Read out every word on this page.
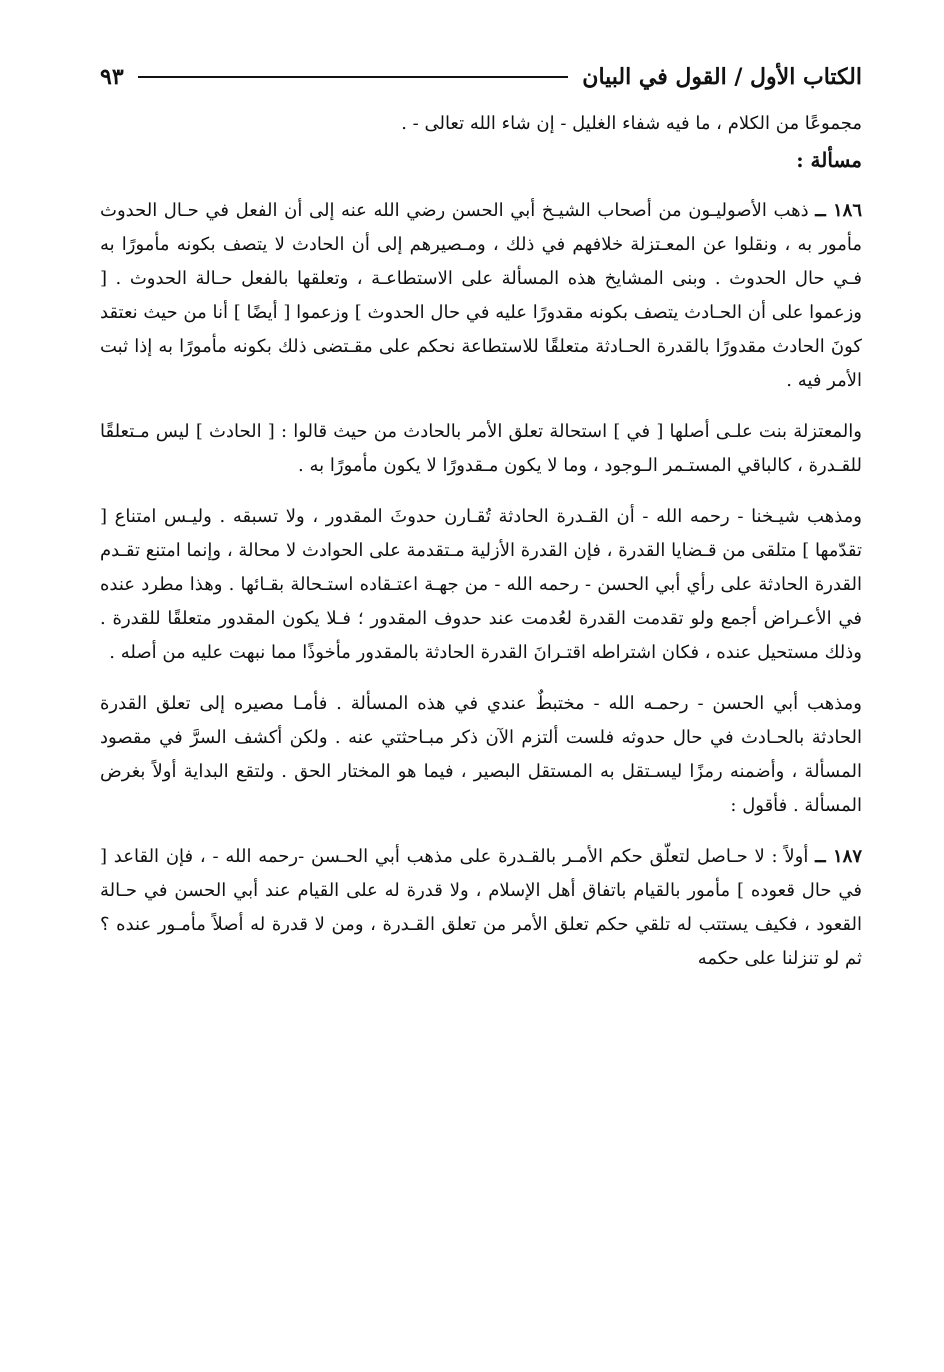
الكتاب الأول / القول في البيان
٩٣

مجموعًا من الكلام ، ما فيه شفاء الغليل - إن شاء الله تعالى - .

مسألة :

١٨٦ ــ ذهب الأصوليـون من أصحاب الشيـخ أبي الحسن رضي الله عنه إلى أن الفعل في حـال الحدوث مأمور به ، ونقلوا عن المعـتزلة خلافهم في ذلك ، ومـصيرهم إلى أن الحادث لا يتصف بكونه مأمورًا به فـي حال الحدوث . وبنى المشايخ هذه المسألة على الاستطاعـة ، وتعلقها بالفعل حـالة الحدوث . [ وزعموا على أن الحـادث يتصف بكونه مقدورًا عليه في حال الحدوث ] وزعموا [ أيضًا ] أنا من حيث نعتقد كونَ الحادث مقدورًا بالقدرة الحـادثة متعلقًا للاستطاعة نحكم على مقـتضى ذلك بكونه مأمورًا به إذا ثبت الأمر فيه .

والمعتزلة بنت علـى أصلها [ في ] استحالة تعلق الأمر بالحادث من حيث قالوا : [ الحادث ] ليس مـتعلقًا للقـدرة ، كالباقي المستـمر الـوجود ، وما لا يكون مـقدورًا لا يكون مأمورًا به .

ومذهب شيـخنا - رحمه الله - أن القـدرة الحادثة تُقـارن حدوثَ المقدور ، ولا تسبقه . وليـس امتناع [ تقدّمها ] متلقى من قـضايا القدرة ، فإن القدرة الأزلية مـتقدمة على الحوادث لا محالة ، وإنما امتنع تقـدم القدرة الحادثة على رأي أبي الحسن - رحمه الله - من جهـة اعتـقاده استـحالة بقـائها . وهذا مطرد عنده في الأعـراض أجمع ولو تقدمت القدرة لعُدمت عند حدوف المقدور ؛ فـلا يكون المقدور متعلقًا للقدرة . وذلك مستحيل عنده ، فكان اشتراطه اقتـرانَ القدرة الحادثة بالمقدور مأخوذًا مما نبهت عليه من أصله .

ومذهب أبي الحسن - رحمـه الله - مختبطٌ عندي في هذه المسألة . فأمـا مصيره إلى تعلق القدرة الحادثة بالحـادث في حال حدوثه فلست ألتزم الآن ذكر مبـاحثتي عنه . ولكن أكشف السرَّ في مقصود المسألة ، وأضمنه رمزًا ليسـتقل به المستقل البصير ، فيما هو المختار الحق . ولتقع البداية أولاً بغرض المسألة . فأقول :

١٨٧ ــ أولاً : لا حـاصل لتعلّق حكم الأمـر بالقـدرة على مذهب أبي الحـسن -رحمه الله - ، فإن القاعد [ في حال قعوده ] مأمور بالقيام باتفاق أهل الإسلام ، ولا قدرة له على القيام عند أبي الحسن في حـالة القعود ، فكيف يستتب له تلقي حكم تعلق الأمر من تعلق القـدرة ، ومن لا قدرة له أصلاً مأمـور عنده ؟ ثم لو تنزلنا على حكمه
